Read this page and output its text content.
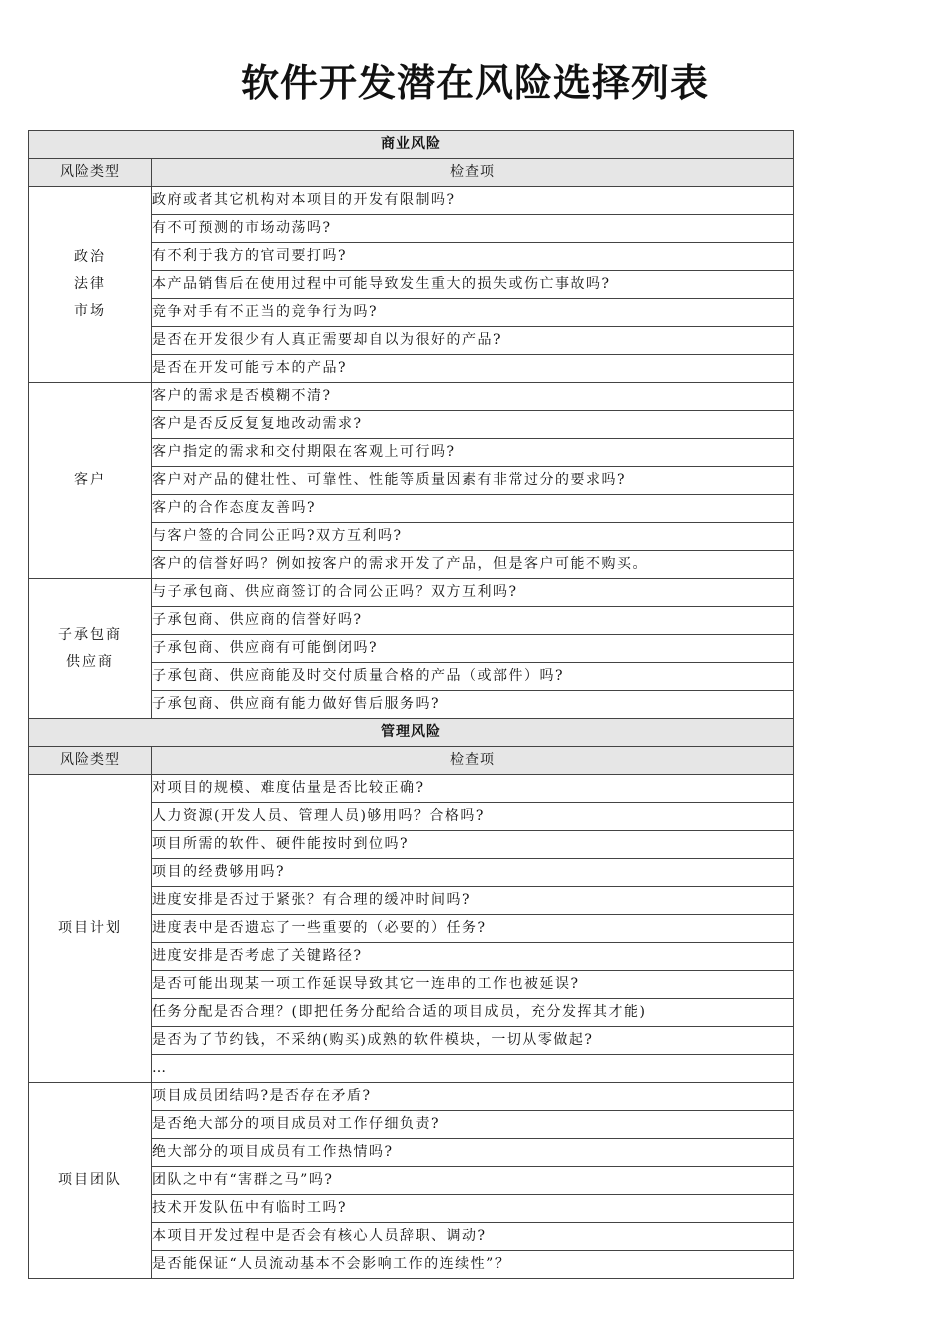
软件开发潜在风险选择列表
商业风险	
风险类型	检查项

政治
法律
市场	政府或者其它机构对本项目的开发有限制吗?
	有不可预测的市场动荡吗?
	有不利于我方的官司要打吗?
	本产品销售后在使用过程中可能导致发生重大的损失或伤亡事故吗?
	竞争对手有不正当的竞争行为吗?
	是否在开发很少有人真正需要却自以为很好的产品?
	是否在开发可能亏本的产品?

客户	客户的需求是否模糊不清?
	客户是否反反复复地改动需求?
	客户指定的需求和交付期限在客观上可行吗?
	客户对产品的健壮性、可靠性、性能等质量因素有非常过分的要求吗?
	客户的合作态度友善吗?
	与客户签的合同公正吗?双方互利吗?
	客户的信誉好吗？例如按客户的需求开发了产品，但是客户可能不购买。

子承包商
供应商	与子承包商、供应商签订的合同公正吗？双方互利吗?
	子承包商、供应商的信誉好吗?
	子承包商、供应商有可能倒闭吗?
	子承包商、供应商能及时交付质量合格的产品（或部件）吗?
	子承包商、供应商有能力做好售后服务吗?
管理风险	
风险类型	检查项

项目计划	对项目的规模、难度估量是否比较正确?
	人力资源(开发人员、管理人员)够用吗？合格吗?
	项目所需的软件、硬件能按时到位吗?
	项目的经费够用吗?
	进度安排是否过于紧张？有合理的缓冲时间吗?
	进度表中是否遗忘了一些重要的（必要的）任务?
	进度安排是否考虑了关键路径?
	是否可能出现某一项工作延误导致其它一连串的工作也被延误?
	任务分配是否合理？(即把任务分配给合适的项目成员，充分发挥其才能)
	是否为了节约钱，不采纳(购买)成熟的软件模块，一切从零做起?
	…

项目团队	项目成员团结吗?是否存在矛盾?
	是否绝大部分的项目成员对工作仔细负责?
	绝大部分的项目成员有工作热情吗?
	团队之中有“害群之马”吗?
	技术开发队伍中有临时工吗?
	本项目开发过程中是否会有核心人员辞职、调动?
	是否能保证“人员流动基本不会影响工作的连续性”？
